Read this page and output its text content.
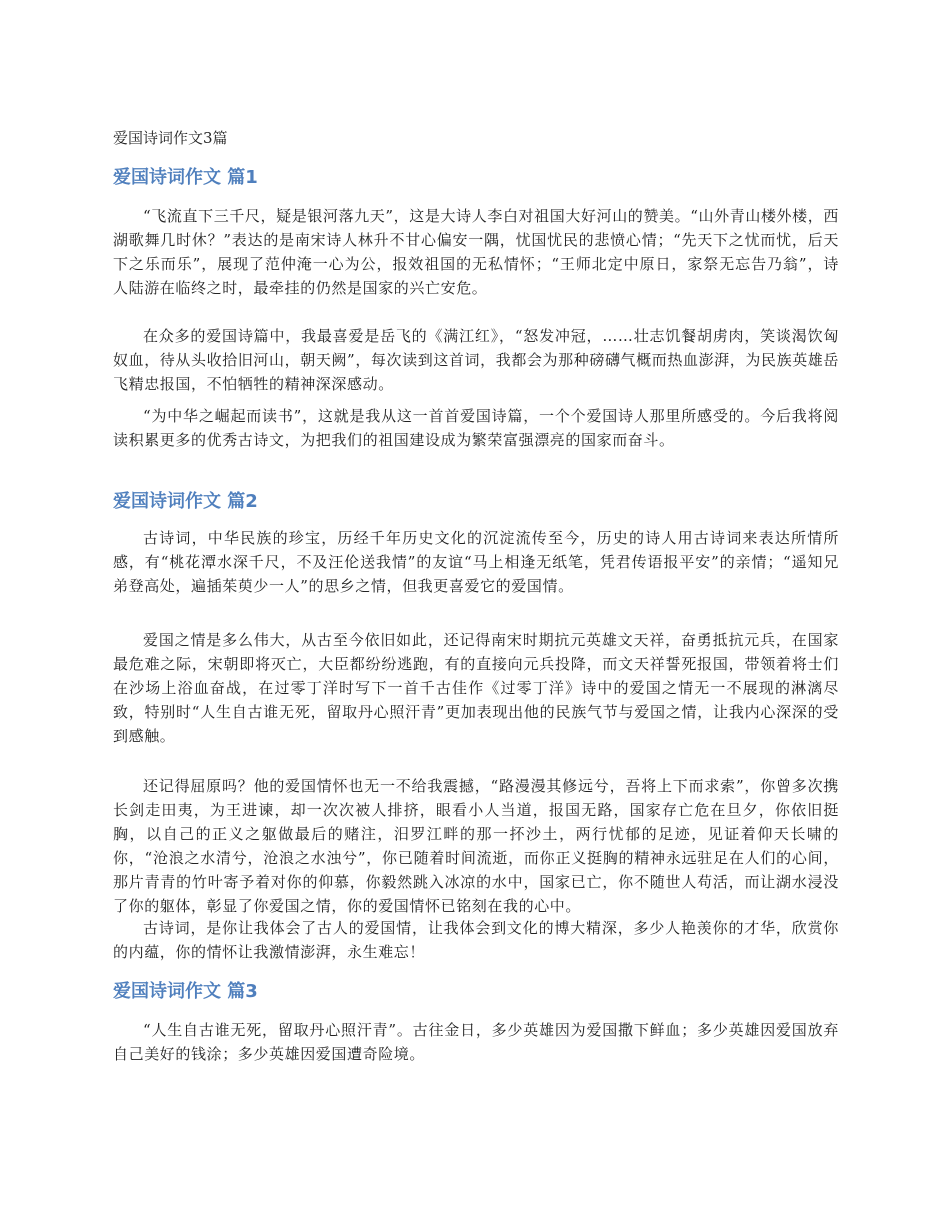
爱国诗词作文3篇
爱国诗词作文 篇1

“飞流直下三千尺，疑是银河落九天”，这是大诗人李白对祖国大好河山的赞美。“山外青山楼外楼，西湖歌舞几时休？”表达的是南宋诗人林升不甘心偏安一隅，忧国忧民的悲愤心情；“先天下之忧而忧，后天下之乐而乐”，展现了范仲淹一心为公，报效祖国的无私情怀；“王师北定中原日，家祭无忘告乃翁”，诗人陆游在临终之时，最牵挂的仍然是国家的兴亡安危。

在众多的爱国诗篇中，我最喜爱是岳飞的《满江红》，“怒发冲冠，……壮志饥餐胡虏肉，笑谈渴饮匈奴血，待从头收拾旧河山，朝天阙”，每次读到这首词，我都会为那种磅礴气概而热血澎湃，为民族英雄岳飞精忠报国，不怕牺牲的精神深深感动。

“为中华之崛起而读书”，这就是我从这一首首爱国诗篇，一个个爱国诗人那里所感受的。今后我将阅读积累更多的优秀古诗文，为把我们的祖国建设成为繁荣富强漂亮的国家而奋斗。

爱国诗词作文 篇2

古诗词，中华民族的珍宝，历经千年历史文化的沉淀流传至今，历史的诗人用古诗词来表达所情所感，有“桃花潭水深千尺，不及汪伦送我情”的友谊“马上相逢无纸笔，凭君传语报平安”的亲情；“遥知兄弟登高处，遍插茱萸少一人”的思乡之情，但我更喜爱它的爱国情。

爱国之情是多么伟大，从古至今依旧如此，还记得南宋时期抗元英雄文天祥，奋勇抵抗元兵，在国家最危难之际，宋朝即将灭亡，大臣都纷纷逃跑，有的直接向元兵投降，而文天祥誓死报国，带领着将士们在沙场上浴血奋战，在过零丁洋时写下一首千古佳作《过零丁洋》诗中的爱国之情无一不展现的淋漓尽致，特别时“人生自古谁无死，留取丹心照汗青”更加表现出他的民族气节与爱国之情，让我内心深深的受到感触。

还记得屈原吗？他的爱国情怀也无一不给我震撼，“路漫漫其修远兮，吾将上下而求索”，你曾多次携长剑走田夷，为王进谏，却一次次被人排挤，眼看小人当道，报国无路，国家存亡危在旦夕，你依旧挺胸，以自己的正义之躯做最后的赌注，汨罗江畔的那一抔沙土，两行忧郁的足迹，见证着仰天长啸的你，“沧浪之水清兮，沧浪之水浊兮”，你已随着时间流逝，而你正义挺胸的精神永远驻足在人们的心间，那片青青的竹叶寄予着对你的仰慕，你毅然跳入冰凉的水中，国家已亡，你不随世人苟活，而让湖水浸没了你的躯体，彰显了你爱国之情，你的爱国情怀已铭刻在我的心中。

古诗词，是你让我体会了古人的爱国情，让我体会到文化的博大精深，多少人艳羡你的才华，欣赏你的内蕴，你的情怀让我激情澎湃，永生难忘！

爱国诗词作文 篇3

“人生自古谁无死，留取丹心照汗青”。古往金日，多少英雄因为爱国撒下鲜血；多少英雄因爱国放弃自己美好的钱涂；多少英雄因爱国遭奇险境。
